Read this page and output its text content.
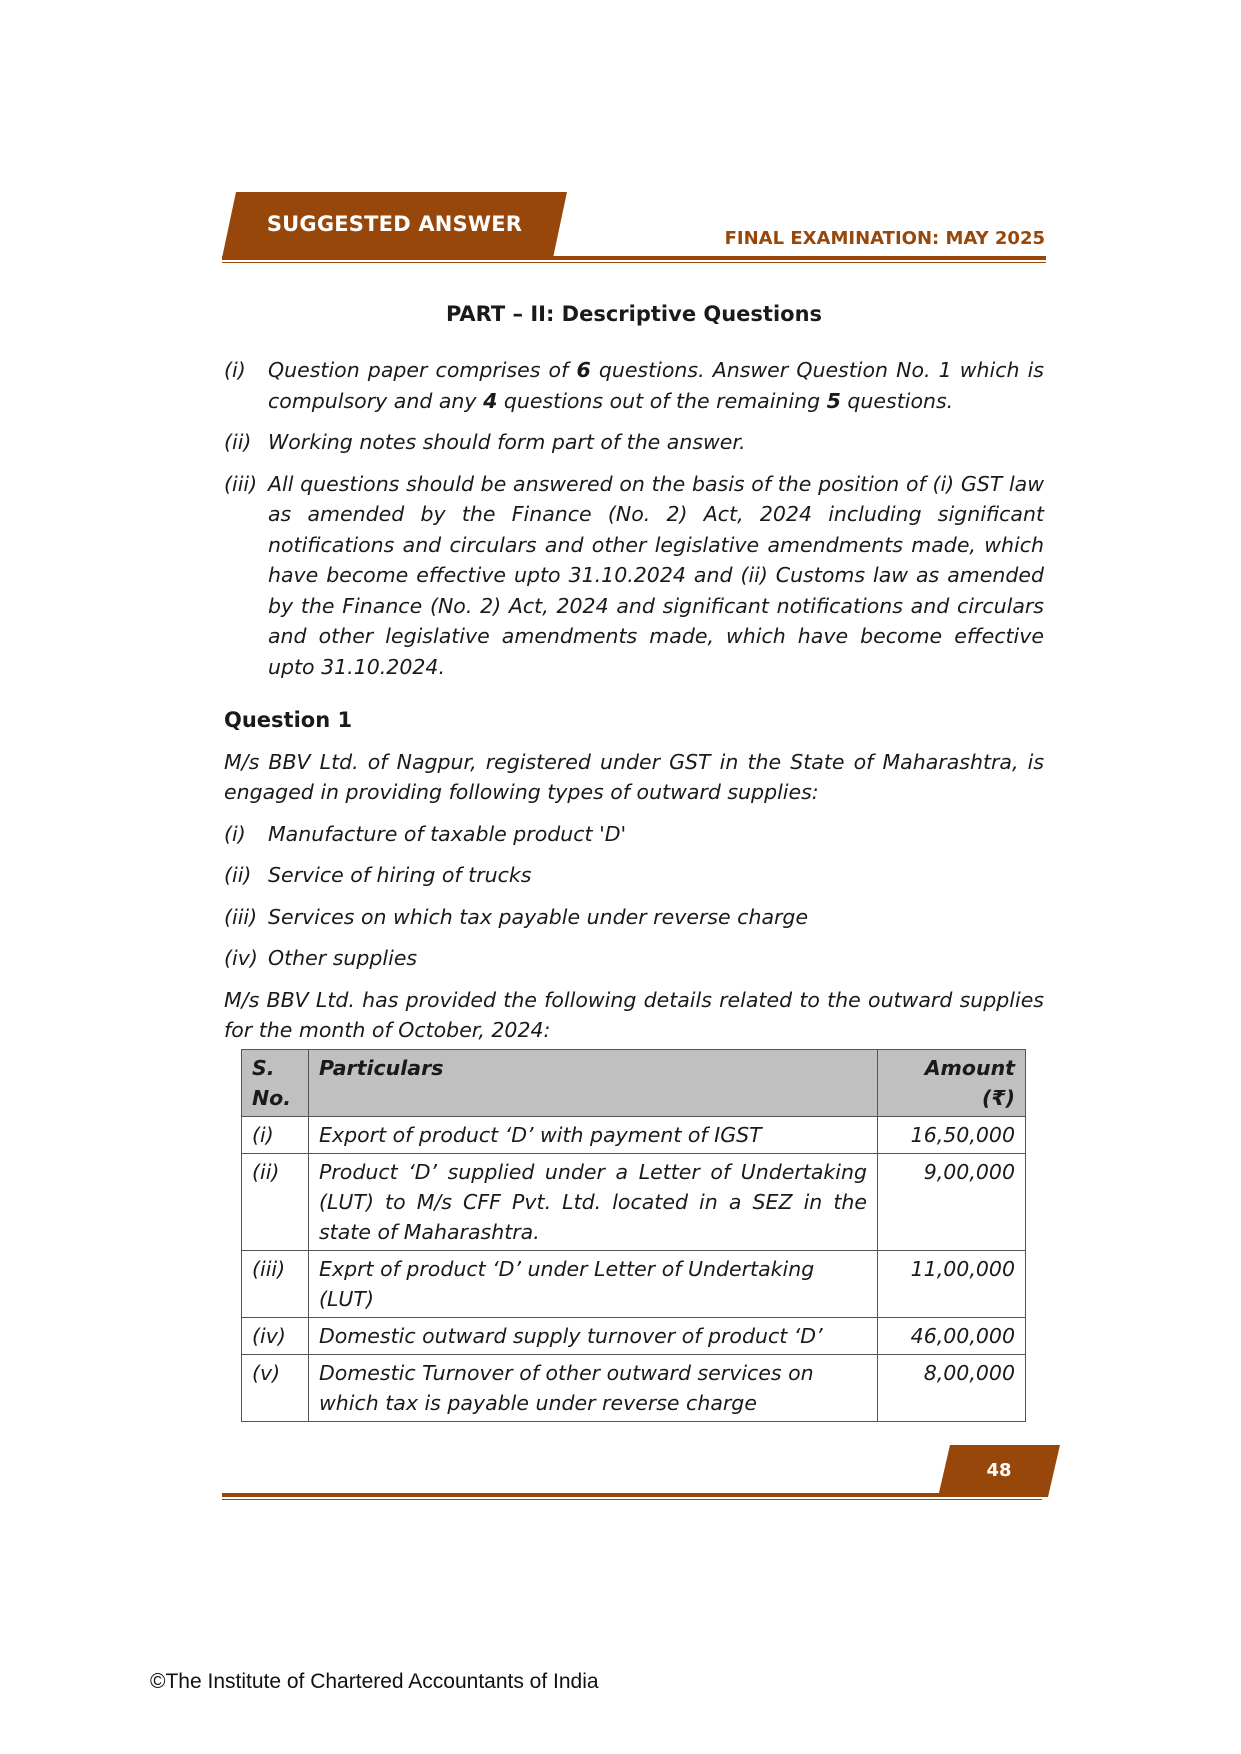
SUGGESTED ANSWER
FINAL EXAMINATION: MAY 2025
PART – II: Descriptive Questions
(i)	Question paper comprises of 6 questions. Answer Question No. 1 which is compulsory and any 4 questions out of the remaining 5 questions.
(ii) Working notes should form part of the answer.
(iii) All questions should be answered on the basis of the position of (i) GST law as amended by the Finance (No. 2) Act, 2024 including significant notifications and circulars and other legislative amendments made, which have become effective upto 31.10.2024 and (ii) Customs law as amended by the Finance (No. 2) Act, 2024 and significant notifications and circulars and other legislative amendments made, which have become effective upto 31.10.2024.
Question 1

M/s BBV Ltd. of Nagpur, registered under GST in the State of Maharashtra, is engaged in providing following types of outward supplies:

(i)	Manufacture of taxable product 'D'
(ii) Service of hiring of trucks
(iii) Services on which tax payable under reverse charge
(iv) Other supplies

M/s BBV Ltd. has provided the following details related to the outward supplies for the month of October, 2024:

S. No.	Particulars	Amount (₹)
(i)	Export of product ‘D’ with payment of IGST	16,50,000
(ii)	Product ‘D’ supplied under a Letter of Undertaking (LUT) to M/s CFF Pvt. Ltd. located in a SEZ in the state of Maharashtra.	9,00,000
(iii)	Exprt of product ‘D’ under Letter of Undertaking (LUT)	11,00,000
(iv)	Domestic outward supply turnover of product ‘D’	46,00,000
(v)	Domestic Turnover of other outward services on which tax is payable under reverse charge	8,00,000
48
©The Institute of Chartered Accountants of India
